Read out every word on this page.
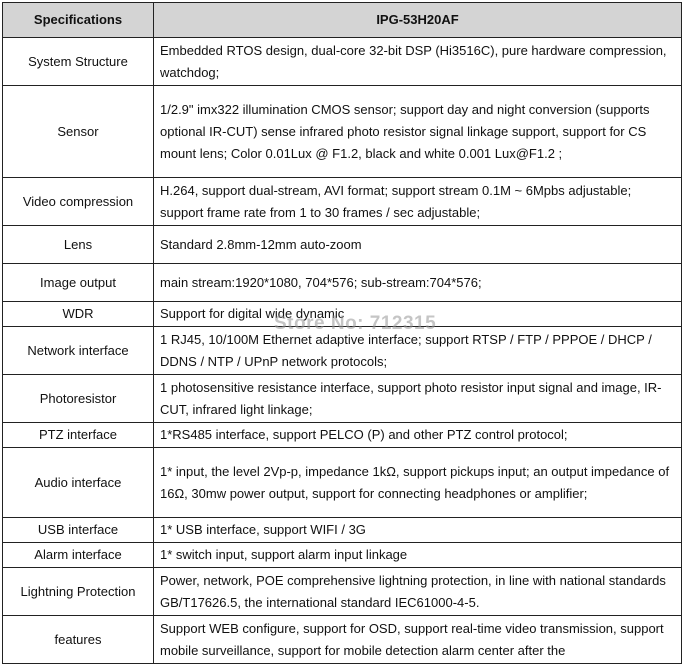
Specifications	IPG-53H20AF
System Structure	Embedded RTOS design, dual-core 32-bit DSP (Hi3516C), pure hardware compression, watchdog;
Sensor	1/2.9" imx322 illumination CMOS sensor; support day and night conversion (supports optional IR-CUT) sense infrared photo resistor signal linkage support, support for CS mount lens; Color 0.01Lux @ F1.2, black and white 0.001 Lux@F1.2 ;
Video compression	H.264, support dual-stream, AVI format; support stream 0.1M ~ 6Mpbs adjustable; support frame rate from 1 to 30 frames / sec adjustable;
Lens	Standard 2.8mm-12mm auto-zoom
Image output	main stream:1920*1080, 704*576; sub-stream:704*576;
WDR	Support for digital wide dynamic
Network interface	1 RJ45, 10/100M Ethernet adaptive interface; support RTSP / FTP / PPPOE / DHCP / DDNS / NTP / UPnP network protocols;
Photoresistor	1 photosensitive resistance interface, support photo resistor input signal and image, IR-CUT, infrared light linkage;
PTZ interface	1*RS485 interface, support PELCO (P) and other PTZ control protocol;
Audio interface	1* input, the level 2Vp-p, impedance 1kΩ, support pickups input; an output impedance of 16Ω, 30mw power output, support for connecting headphones or amplifier;
USB interface	1* USB interface, support WIFI / 3G
Alarm interface	1* switch input, support alarm input linkage
Lightning Protection	Power, network, POE comprehensive lightning protection, in line with national standards GB/T17626.5, the international standard IEC61000-4-5.
features	Support WEB configure, support for OSD, support real-time video transmission, support mobile surveillance, support for mobile detection alarm center after the
Store No: 712315
